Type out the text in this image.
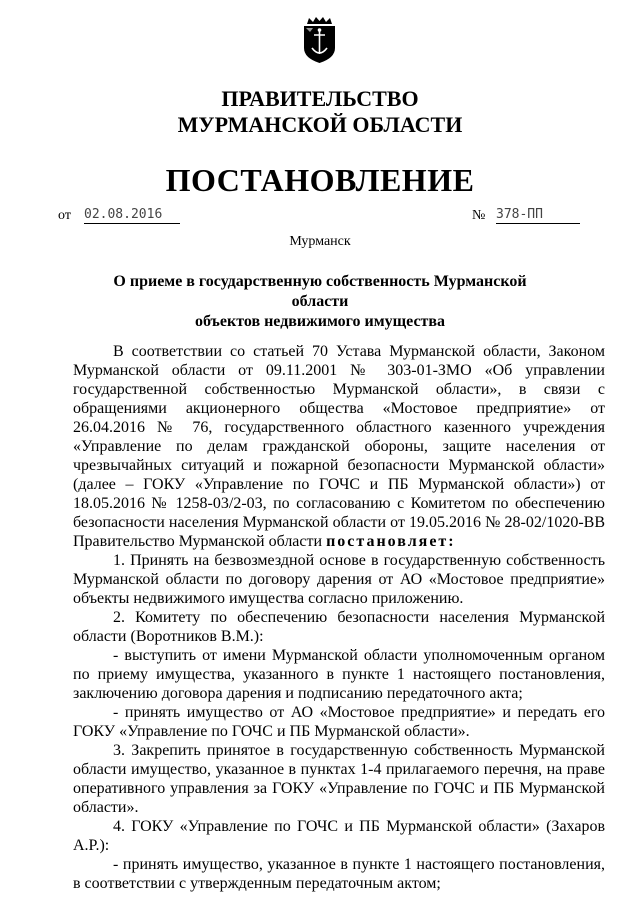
ПРАВИТЕЛЬСТВО
МУРМАНСКОЙ ОБЛАСТИ
ПОСТАНОВЛЕНИЕ
от 02.08.2016	№ 378-ПП
Мурманск
О приеме в государственную собственность Мурманской области
объектов недвижимого имущества

В соответствии со статьей 70 Устава Мурманской области, Законом Мурманской области от 09.11.2001 № 303-01-ЗМО «Об управлении государственной собственностью Мурманской области», в связи с обращениями акционерного общества «Мостовое предприятие» от 26.04.2016 № 76, государственного областного казенного учреждения «Управление по делам гражданской обороны, защите населения от чрезвычайных ситуаций и пожарной безопасности Мурманской области» (далее – ГОКУ «Управление по ГОЧС и ПБ Мурманской области») от 18.05.2016 № 1258-03/2-03, по согласованию с Комитетом по обеспечению безопасности населения Мурманской области от 19.05.2016 № 28-02/1020-ВВ Правительство Мурманской области постановляет:

1. Принять на безвозмездной основе в государственную собственность Мурманской области по договору дарения от АО «Мостовое предприятие» объекты недвижимого имущества согласно приложению.

2. Комитету по обеспечению безопасности населения Мурманской области (Воротников В.М.):

- выступить от имени Мурманской области уполномоченным органом по приему имущества, указанного в пункте 1 настоящего постановления, заключению договора дарения и подписанию передаточного акта;

- принять имущество от АО «Мостовое предприятие» и передать его ГОКУ «Управление по ГОЧС и ПБ Мурманской области».

3. Закрепить принятое в государственную собственность Мурманской области имущество, указанное в пунктах 1-4 прилагаемого перечня, на праве оперативного управления за ГОКУ «Управление по ГОЧС и ПБ Мурманской области».

4. ГОКУ «Управление по ГОЧС и ПБ Мурманской области» (Захаров А.Р.):

- принять имущество, указанное в пункте 1 настоящего постановления, в соответствии с утвержденным передаточным актом;
